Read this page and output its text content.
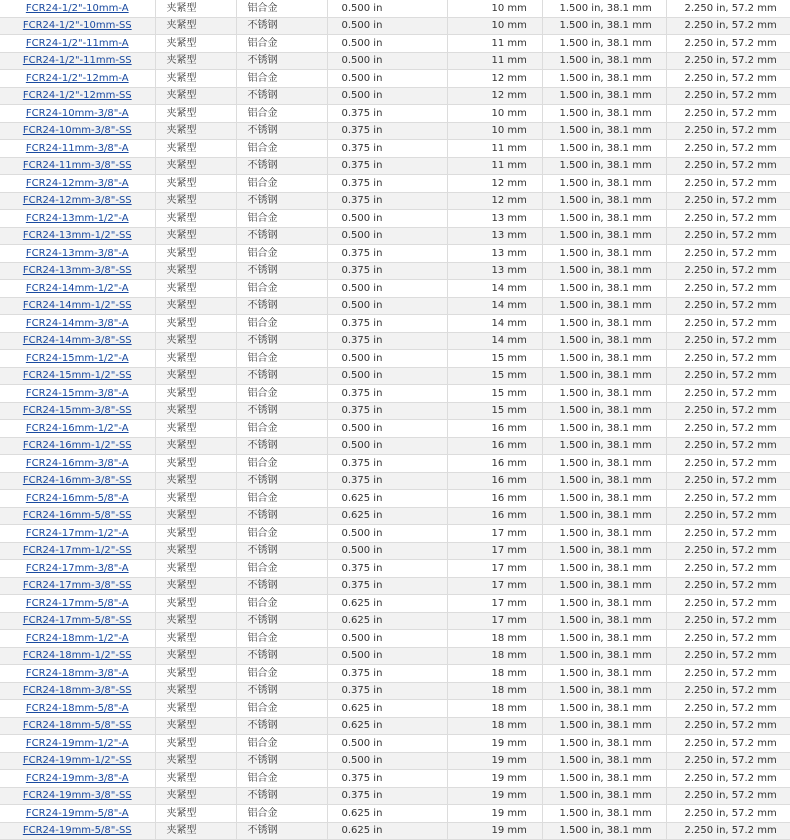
FCR24-1/2"-10mm-A	夹紧型	铝合金	0.500 in	10 mm	1.500 in, 38.1 mm	2.250 in, 57.2 mm
FCR24-1/2"-10mm-SS	夹紧型	不锈钢	0.500 in	10 mm	1.500 in, 38.1 mm	2.250 in, 57.2 mm
FCR24-1/2"-11mm-A	夹紧型	铝合金	0.500 in	11 mm	1.500 in, 38.1 mm	2.250 in, 57.2 mm
FCR24-1/2"-11mm-SS	夹紧型	不锈钢	0.500 in	11 mm	1.500 in, 38.1 mm	2.250 in, 57.2 mm
FCR24-1/2"-12mm-A	夹紧型	铝合金	0.500 in	12 mm	1.500 in, 38.1 mm	2.250 in, 57.2 mm
FCR24-1/2"-12mm-SS	夹紧型	不锈钢	0.500 in	12 mm	1.500 in, 38.1 mm	2.250 in, 57.2 mm
FCR24-10mm-3/8"-A	夹紧型	铝合金	0.375 in	10 mm	1.500 in, 38.1 mm	2.250 in, 57.2 mm
FCR24-10mm-3/8"-SS	夹紧型	不锈钢	0.375 in	10 mm	1.500 in, 38.1 mm	2.250 in, 57.2 mm
FCR24-11mm-3/8"-A	夹紧型	铝合金	0.375 in	11 mm	1.500 in, 38.1 mm	2.250 in, 57.2 mm
FCR24-11mm-3/8"-SS	夹紧型	不锈钢	0.375 in	11 mm	1.500 in, 38.1 mm	2.250 in, 57.2 mm
FCR24-12mm-3/8"-A	夹紧型	铝合金	0.375 in	12 mm	1.500 in, 38.1 mm	2.250 in, 57.2 mm
FCR24-12mm-3/8"-SS	夹紧型	不锈钢	0.375 in	12 mm	1.500 in, 38.1 mm	2.250 in, 57.2 mm
FCR24-13mm-1/2"-A	夹紧型	铝合金	0.500 in	13 mm	1.500 in, 38.1 mm	2.250 in, 57.2 mm
FCR24-13mm-1/2"-SS	夹紧型	不锈钢	0.500 in	13 mm	1.500 in, 38.1 mm	2.250 in, 57.2 mm
FCR24-13mm-3/8"-A	夹紧型	铝合金	0.375 in	13 mm	1.500 in, 38.1 mm	2.250 in, 57.2 mm
FCR24-13mm-3/8"-SS	夹紧型	不锈钢	0.375 in	13 mm	1.500 in, 38.1 mm	2.250 in, 57.2 mm
FCR24-14mm-1/2"-A	夹紧型	铝合金	0.500 in	14 mm	1.500 in, 38.1 mm	2.250 in, 57.2 mm
FCR24-14mm-1/2"-SS	夹紧型	不锈钢	0.500 in	14 mm	1.500 in, 38.1 mm	2.250 in, 57.2 mm
FCR24-14mm-3/8"-A	夹紧型	铝合金	0.375 in	14 mm	1.500 in, 38.1 mm	2.250 in, 57.2 mm
FCR24-14mm-3/8"-SS	夹紧型	不锈钢	0.375 in	14 mm	1.500 in, 38.1 mm	2.250 in, 57.2 mm
FCR24-15mm-1/2"-A	夹紧型	铝合金	0.500 in	15 mm	1.500 in, 38.1 mm	2.250 in, 57.2 mm
FCR24-15mm-1/2"-SS	夹紧型	不锈钢	0.500 in	15 mm	1.500 in, 38.1 mm	2.250 in, 57.2 mm
FCR24-15mm-3/8"-A	夹紧型	铝合金	0.375 in	15 mm	1.500 in, 38.1 mm	2.250 in, 57.2 mm
FCR24-15mm-3/8"-SS	夹紧型	不锈钢	0.375 in	15 mm	1.500 in, 38.1 mm	2.250 in, 57.2 mm
FCR24-16mm-1/2"-A	夹紧型	铝合金	0.500 in	16 mm	1.500 in, 38.1 mm	2.250 in, 57.2 mm
FCR24-16mm-1/2"-SS	夹紧型	不锈钢	0.500 in	16 mm	1.500 in, 38.1 mm	2.250 in, 57.2 mm
FCR24-16mm-3/8"-A	夹紧型	铝合金	0.375 in	16 mm	1.500 in, 38.1 mm	2.250 in, 57.2 mm
FCR24-16mm-3/8"-SS	夹紧型	不锈钢	0.375 in	16 mm	1.500 in, 38.1 mm	2.250 in, 57.2 mm
FCR24-16mm-5/8"-A	夹紧型	铝合金	0.625 in	16 mm	1.500 in, 38.1 mm	2.250 in, 57.2 mm
FCR24-16mm-5/8"-SS	夹紧型	不锈钢	0.625 in	16 mm	1.500 in, 38.1 mm	2.250 in, 57.2 mm
FCR24-17mm-1/2"-A	夹紧型	铝合金	0.500 in	17 mm	1.500 in, 38.1 mm	2.250 in, 57.2 mm
FCR24-17mm-1/2"-SS	夹紧型	不锈钢	0.500 in	17 mm	1.500 in, 38.1 mm	2.250 in, 57.2 mm
FCR24-17mm-3/8"-A	夹紧型	铝合金	0.375 in	17 mm	1.500 in, 38.1 mm	2.250 in, 57.2 mm
FCR24-17mm-3/8"-SS	夹紧型	不锈钢	0.375 in	17 mm	1.500 in, 38.1 mm	2.250 in, 57.2 mm
FCR24-17mm-5/8"-A	夹紧型	铝合金	0.625 in	17 mm	1.500 in, 38.1 mm	2.250 in, 57.2 mm
FCR24-17mm-5/8"-SS	夹紧型	不锈钢	0.625 in	17 mm	1.500 in, 38.1 mm	2.250 in, 57.2 mm
FCR24-18mm-1/2"-A	夹紧型	铝合金	0.500 in	18 mm	1.500 in, 38.1 mm	2.250 in, 57.2 mm
FCR24-18mm-1/2"-SS	夹紧型	不锈钢	0.500 in	18 mm	1.500 in, 38.1 mm	2.250 in, 57.2 mm
FCR24-18mm-3/8"-A	夹紧型	铝合金	0.375 in	18 mm	1.500 in, 38.1 mm	2.250 in, 57.2 mm
FCR24-18mm-3/8"-SS	夹紧型	不锈钢	0.375 in	18 mm	1.500 in, 38.1 mm	2.250 in, 57.2 mm
FCR24-18mm-5/8"-A	夹紧型	铝合金	0.625 in	18 mm	1.500 in, 38.1 mm	2.250 in, 57.2 mm
FCR24-18mm-5/8"-SS	夹紧型	不锈钢	0.625 in	18 mm	1.500 in, 38.1 mm	2.250 in, 57.2 mm
FCR24-19mm-1/2"-A	夹紧型	铝合金	0.500 in	19 mm	1.500 in, 38.1 mm	2.250 in, 57.2 mm
FCR24-19mm-1/2"-SS	夹紧型	不锈钢	0.500 in	19 mm	1.500 in, 38.1 mm	2.250 in, 57.2 mm
FCR24-19mm-3/8"-A	夹紧型	铝合金	0.375 in	19 mm	1.500 in, 38.1 mm	2.250 in, 57.2 mm
FCR24-19mm-3/8"-SS	夹紧型	不锈钢	0.375 in	19 mm	1.500 in, 38.1 mm	2.250 in, 57.2 mm
FCR24-19mm-5/8"-A	夹紧型	铝合金	0.625 in	19 mm	1.500 in, 38.1 mm	2.250 in, 57.2 mm
FCR24-19mm-5/8"-SS	夹紧型	不锈钢	0.625 in	19 mm	1.500 in, 38.1 mm	2.250 in, 57.2 mm
